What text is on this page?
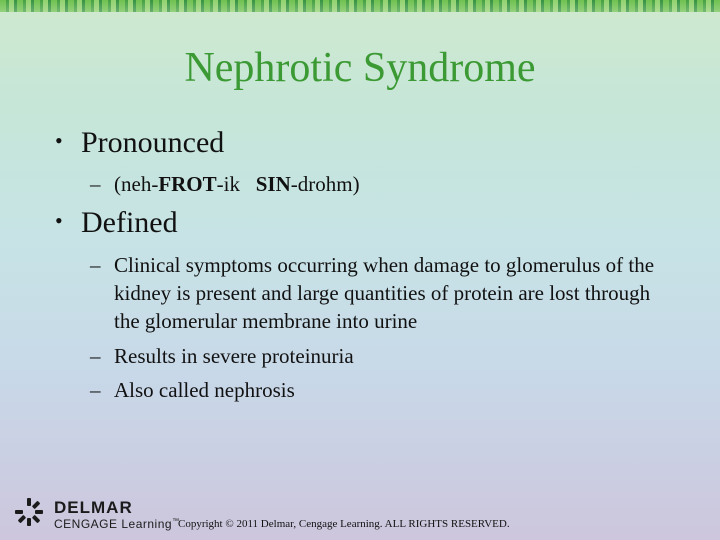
Nephrotic Syndrome
• Pronounced
– (neh-FROT-ik   SIN-drohm)
• Defined
– Clinical symptoms occurring when damage to glomerulus of the kidney is present and large quantities of protein are lost through the glomerular membrane into urine
– Results in severe proteinuria
– Also called nephrosis
DELMAR
CENGAGE Learning™
Copyright © 2011 Delmar, Cengage Learning. ALL RIGHTS RESERVED.
